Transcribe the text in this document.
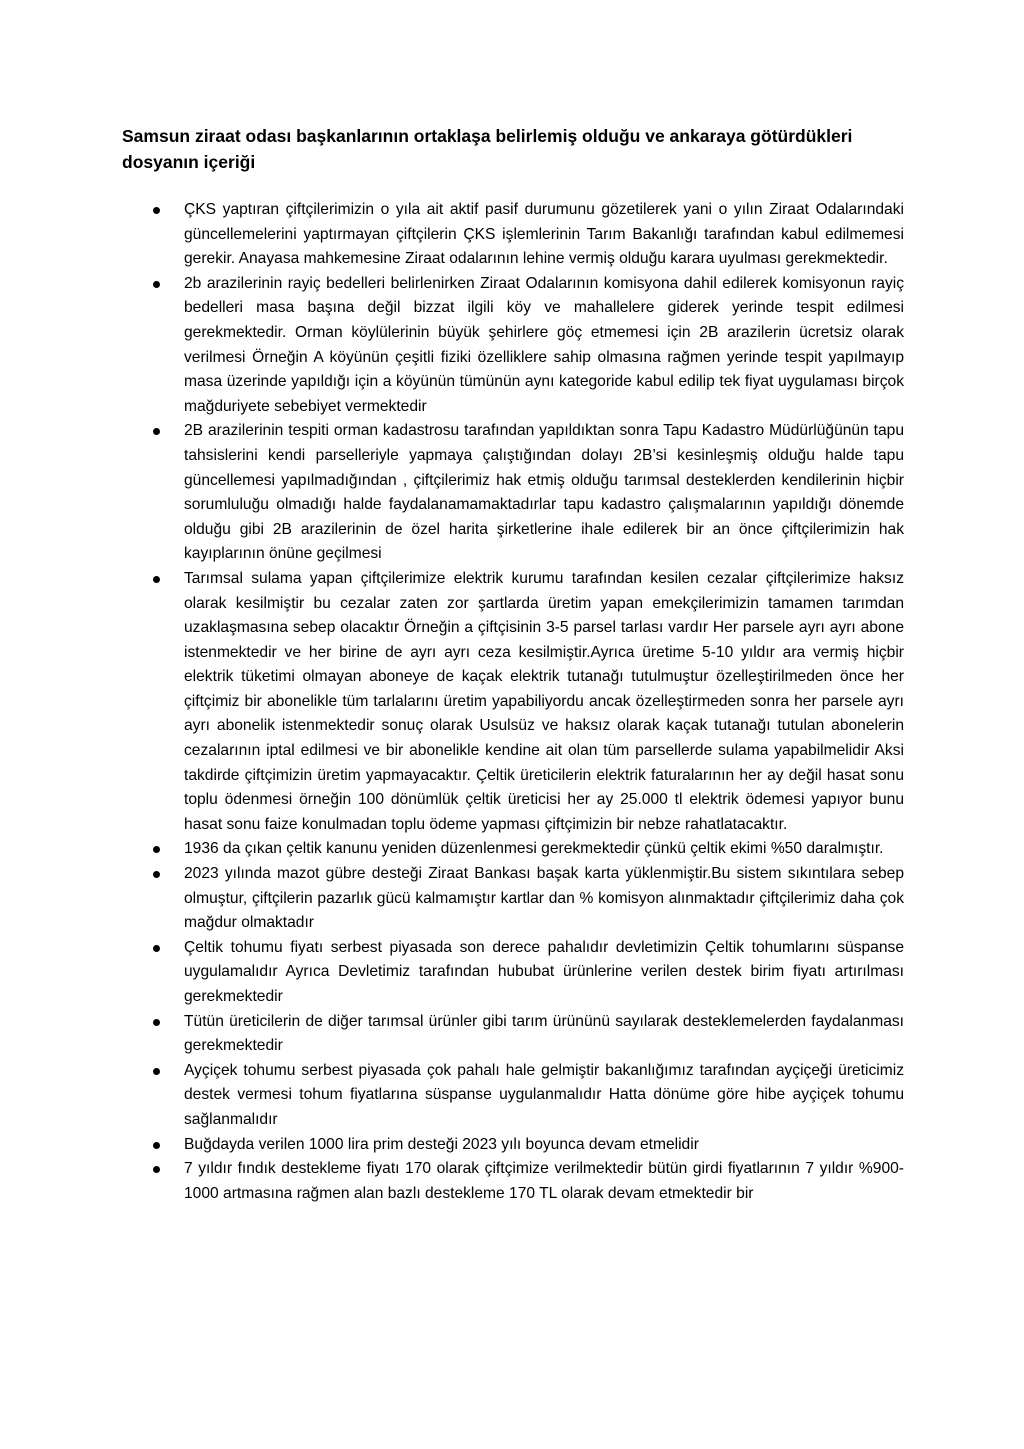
Samsun ziraat odası başkanlarının ortaklaşa belirlemiş olduğu ve ankaraya götürdükleri dosyanın içeriği

ÇKS yaptıran çiftçilerimizin o yıla ait aktif pasif durumunu gözetilerek yani o yılın Ziraat Odalarındaki güncellemelerini yaptırmayan çiftçilerin ÇKS işlemlerinin Tarım Bakanlığı tarafından kabul edilmemesi gerekir. Anayasa mahkemesine Ziraat odalarının lehine vermiş olduğu karara uyulması gerekmektedir.

2b arazilerinin rayiç bedelleri belirlenirken Ziraat Odalarının komisyona dahil edilerek komisyonun rayiç bedelleri masa başına değil bizzat ilgili köy ve mahallelere giderek yerinde tespit edilmesi gerekmektedir. Orman köylülerinin büyük şehirlere göç etmemesi için 2B arazilerin ücretsiz olarak verilmesi Örneğin A köyünün çeşitli fiziki özelliklere sahip olmasına rağmen yerinde tespit yapılmayıp masa üzerinde yapıldığı için a köyünün tümünün aynı kategoride kabul edilip tek fiyat uygulaması birçok mağduriyete sebebiyet vermektedir

2B arazilerinin tespiti orman kadastrosu tarafından yapıldıktan sonra Tapu Kadastro Müdürlüğünün tapu tahsislerini kendi parselleriyle yapmaya çalıştığından dolayı 2B’si kesinleşmiş olduğu halde tapu güncellemesi yapılmadığından , çiftçilerimiz hak etmiş olduğu tarımsal desteklerden kendilerinin hiçbir sorumluluğu olmadığı halde faydalanamamaktadırlar tapu kadastro çalışmalarının yapıldığı dönemde olduğu gibi 2B arazilerinin de özel harita şirketlerine ihale edilerek bir an önce çiftçilerimizin hak kayıplarının önüne geçilmesi

Tarımsal sulama yapan çiftçilerimize elektrik kurumu tarafından kesilen cezalar çiftçilerimize haksız olarak kesilmiştir bu cezalar zaten zor şartlarda üretim yapan emekçilerimizin tamamen tarımdan uzaklaşmasına sebep olacaktır Örneğin a çiftçisinin 3-5 parsel tarlası vardır Her parsele ayrı ayrı abone istenmektedir ve her birine de ayrı ayrı ceza kesilmiştir.Ayrıca üretime 5-10 yıldır ara vermiş hiçbir elektrik tüketimi olmayan aboneye de kaçak elektrik tutanağı tutulmuştur özelleştirilmeden önce her çiftçimiz bir abonelikle tüm tarlalarını üretim yapabiliyordu ancak özelleştirmeden sonra her parsele ayrı ayrı abonelik istenmektedir sonuç olarak Usulsüz ve haksız olarak kaçak tutanağı tutulan abonelerin cezalarının iptal edilmesi ve bir abonelikle kendine ait olan tüm parsellerde sulama yapabilmelidir Aksi takdirde çiftçimizin üretim yapmayacaktır. Çeltik üreticilerin elektrik faturalarının her ay değil hasat sonu toplu ödenmesi örneğin 100 dönümlük çeltik üreticisi her ay 25.000 tl elektrik ödemesi yapıyor bunu hasat sonu faize konulmadan toplu ödeme yapması çiftçimizin bir nebze rahatlatacaktır.

1936 da çıkan çeltik kanunu yeniden düzenlenmesi gerekmektedir çünkü çeltik ekimi %50 daralmıştır.

2023 yılında mazot gübre desteği Ziraat Bankası başak karta yüklenmiştir.Bu sistem sıkıntılara sebep olmuştur, çiftçilerin pazarlık gücü kalmamıştır kartlar dan % komisyon alınmaktadır çiftçilerimiz daha çok mağdur olmaktadır

Çeltik tohumu fiyatı serbest piyasada son derece pahalıdır devletimizin Çeltik tohumlarını süspanse uygulamalıdır Ayrıca Devletimiz tarafından hububat ürünlerine verilen destek birim fiyatı artırılması gerekmektedir

Tütün üreticilerin de diğer tarımsal ürünler gibi tarım ürününü sayılarak desteklemelerden faydalanması gerekmektedir

Ayçiçek tohumu serbest piyasada çok pahalı hale gelmiştir bakanlığımız tarafından ayçiçeği üreticimiz destek vermesi tohum fiyatlarına süspanse uygulanmalıdır Hatta dönüme göre hibe ayçiçek tohumu sağlanmalıdır

Buğdayda verilen 1000 lira prim desteği 2023 yılı boyunca devam etmelidir

7 yıldır fındık destekleme fiyatı 170 olarak çiftçimize verilmektedir bütün girdi fiyatlarının 7 yıldır %900-1000 artmasına rağmen alan bazlı destekleme 170 TL olarak devam etmektedir bir
